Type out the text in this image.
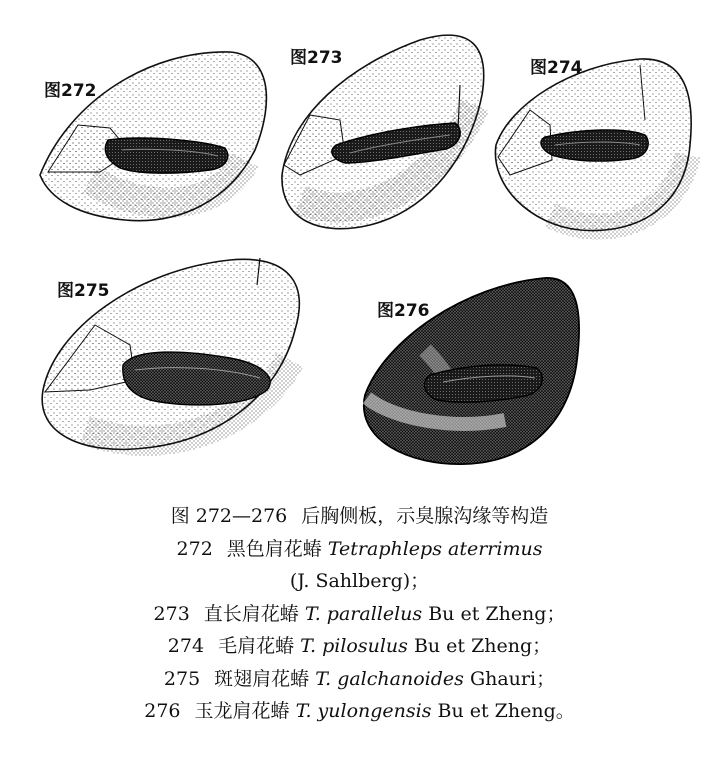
图272
图273	图274
图275
图276
图 272—276 后胸侧板，示臭腺沟缘等构造
272 黑色肩花蝽 Tetraphleps aterrimus
(J. Sahlberg)；
273 直长肩花蝽 T. parallelus Bu et Zheng；
274 毛肩花蝽 T. pilosulus Bu et Zheng；
275 斑翅肩花蝽 T. galchanoides Ghauri；
276 玉龙肩花蝽 T. yulongensis Bu et Zheng。
